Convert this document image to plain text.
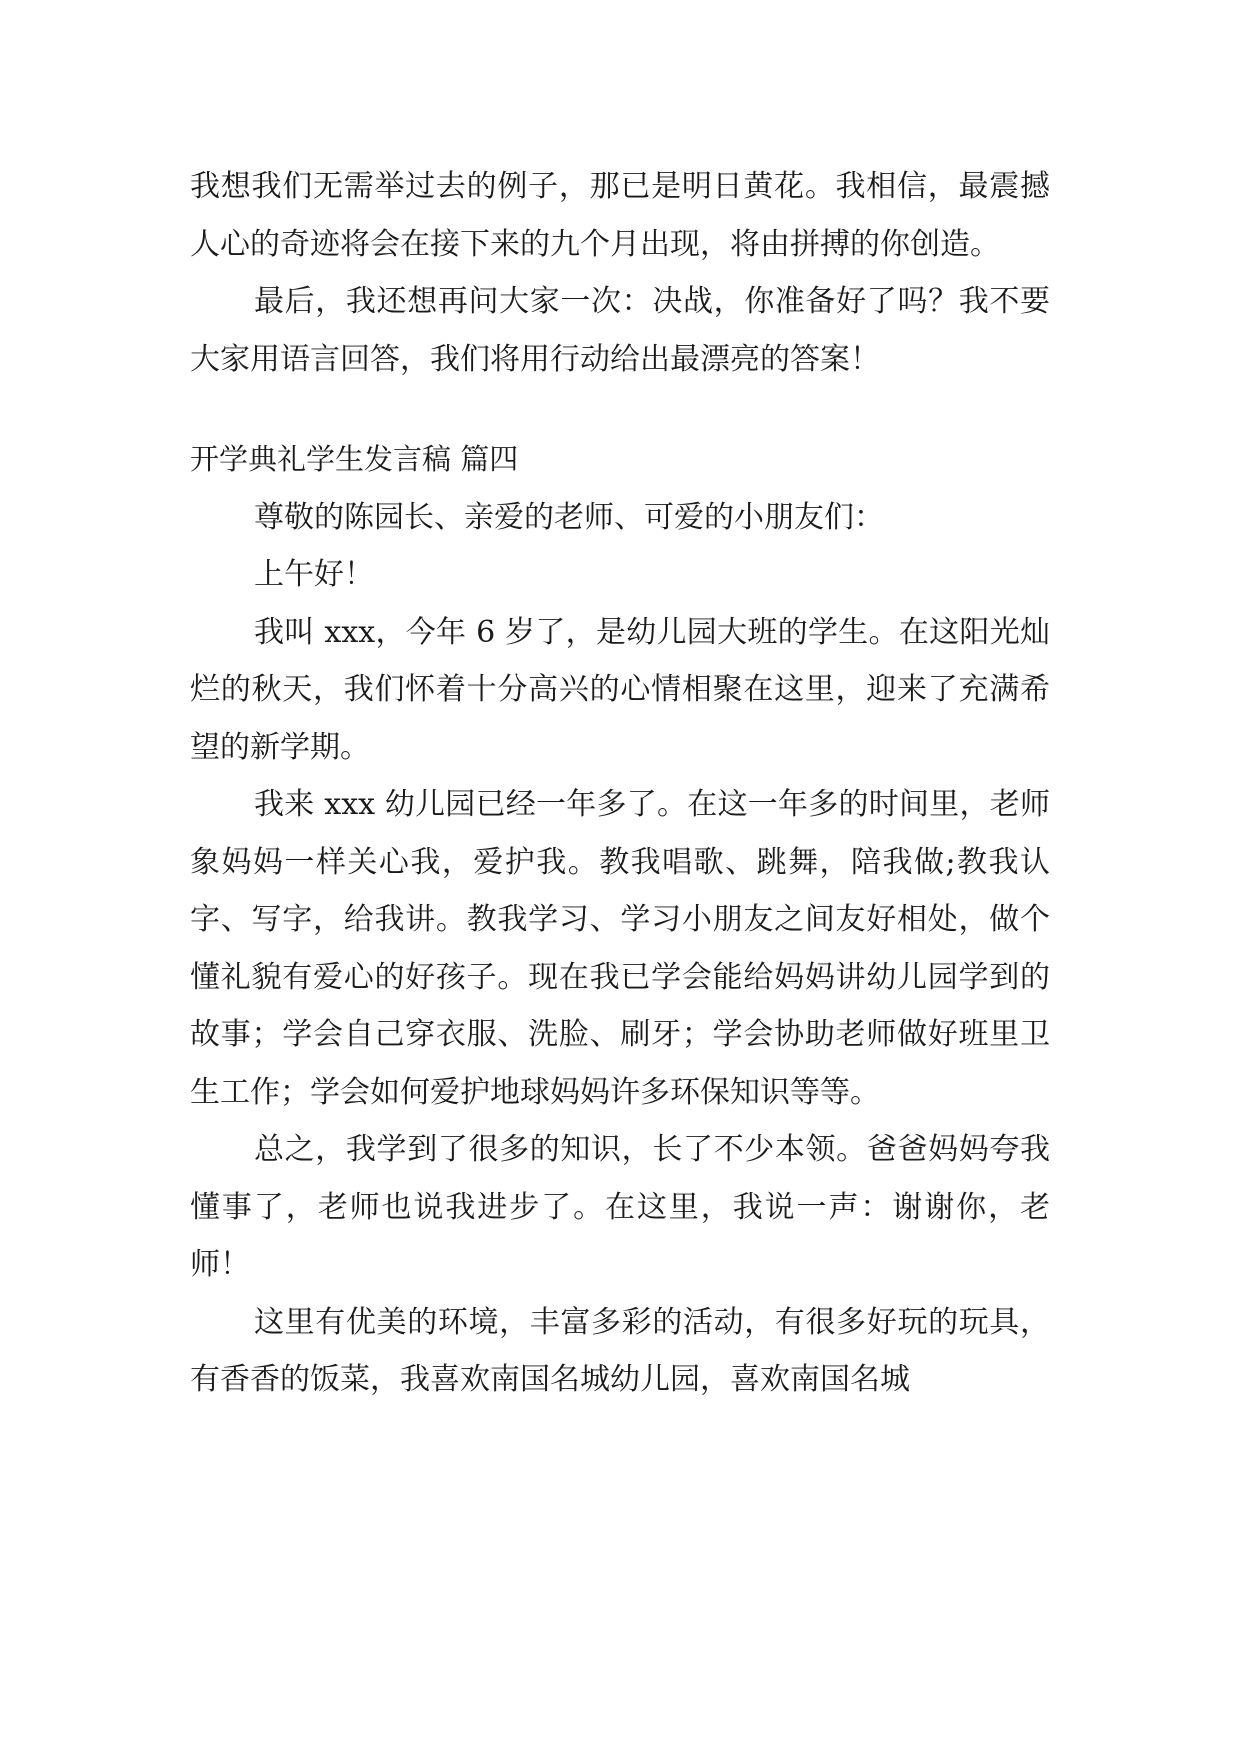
我想我们无需举过去的例子，那已是明日黄花。我相信，最震撼人心的奇迹将会在接下来的九个月出现，将由拼搏的你创造。

最后，我还想再问大家一次：决战，你准备好了吗？我不要大家用语言回答，我们将用行动给出最漂亮的答案！

开学典礼学生发言稿 篇四

尊敬的陈园长、亲爱的老师、可爱的小朋友们：

上午好！

我叫 xxx，今年 6 岁了，是幼儿园大班的学生。在这阳光灿烂的秋天，我们怀着十分高兴的心情相聚在这里，迎来了充满希望的新学期。

我来 xxx 幼儿园已经一年多了。在这一年多的时间里，老师象妈妈一样关心我，爱护我。教我唱歌、跳舞，陪我做;教我认字、写字，给我讲。教我学习、学习小朋友之间友好相处，做个懂礼貌有爱心的好孩子。现在我已学会能给妈妈讲幼儿园学到的故事；学会自己穿衣服、洗脸、刷牙；学会协助老师做好班里卫生工作；学会如何爱护地球妈妈许多环保知识等等。

总之，我学到了很多的知识，长了不少本领。爸爸妈妈夸我懂事了，老师也说我进步了。在这里，我说一声：谢谢你，老师！

这里有优美的环境，丰富多彩的活动，有很多好玩的玩具，有香香的饭菜，我喜欢南国名城幼儿园，喜欢南国名城
